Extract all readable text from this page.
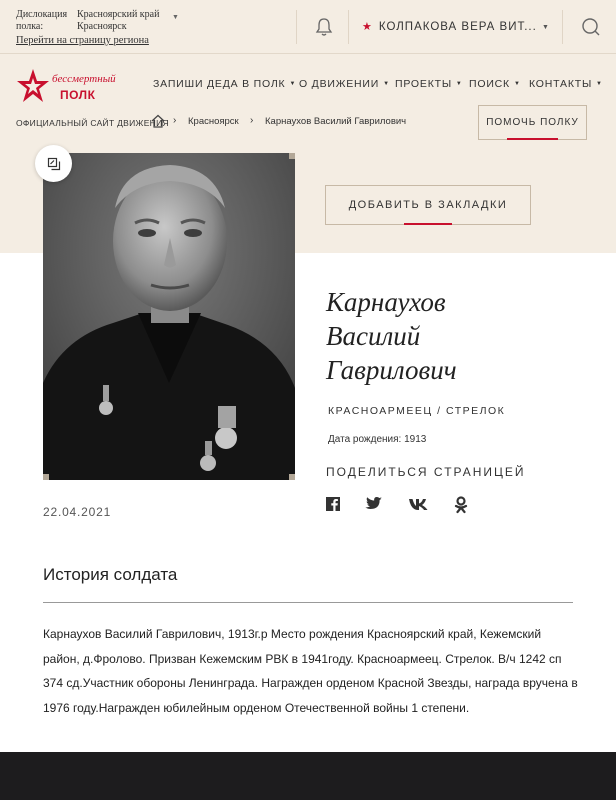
Дислокация полка:
Красноярский край Красноярск
▼
Перейти на страницу региона
★ КОЛПАКОВА ВЕРА ВИТ... ▼
бессмертный
ПОЛК
ЗАПИШИ ДЕДА В ПОЛК ▼ О ДВИЖЕНИИ ▼ ПРОЕКТЫ ▼ ПОИСК ▼ КОНТАКТЫ ▼
ОФИЦИАЛЬНЫЙ САЙТ ДВИЖЕНИЯ › Красноярск › Карнаухов Василий Гаврилович	ПОМОЧЬ ПОЛКУ
ДОБАВИТЬ В ЗАКЛАДКИ
Карнаухов
Василий
Гаврилович
КРАСНОАРМЕЕЦ / СТРЕЛОК
Дата рождения: 1913
ПОДЕЛИТЬСЯ СТРАНИЦЕЙ
22.04.2021
История солдата
Карнаухов Василий Гаврилович, 1913г.р Место рождения Красноярский край, Кежемский район, д.Фролово. Призван Кежемским РВК в 1941году. Красноармеец. Стрелок. В/ч 1242 сп 374 сд.Участник обороны Ленинграда. Награжден орденом Красной Звезды, награда вручена в 1976 году.Награжден юбилейным орденом Отечественной войны 1 степени.
